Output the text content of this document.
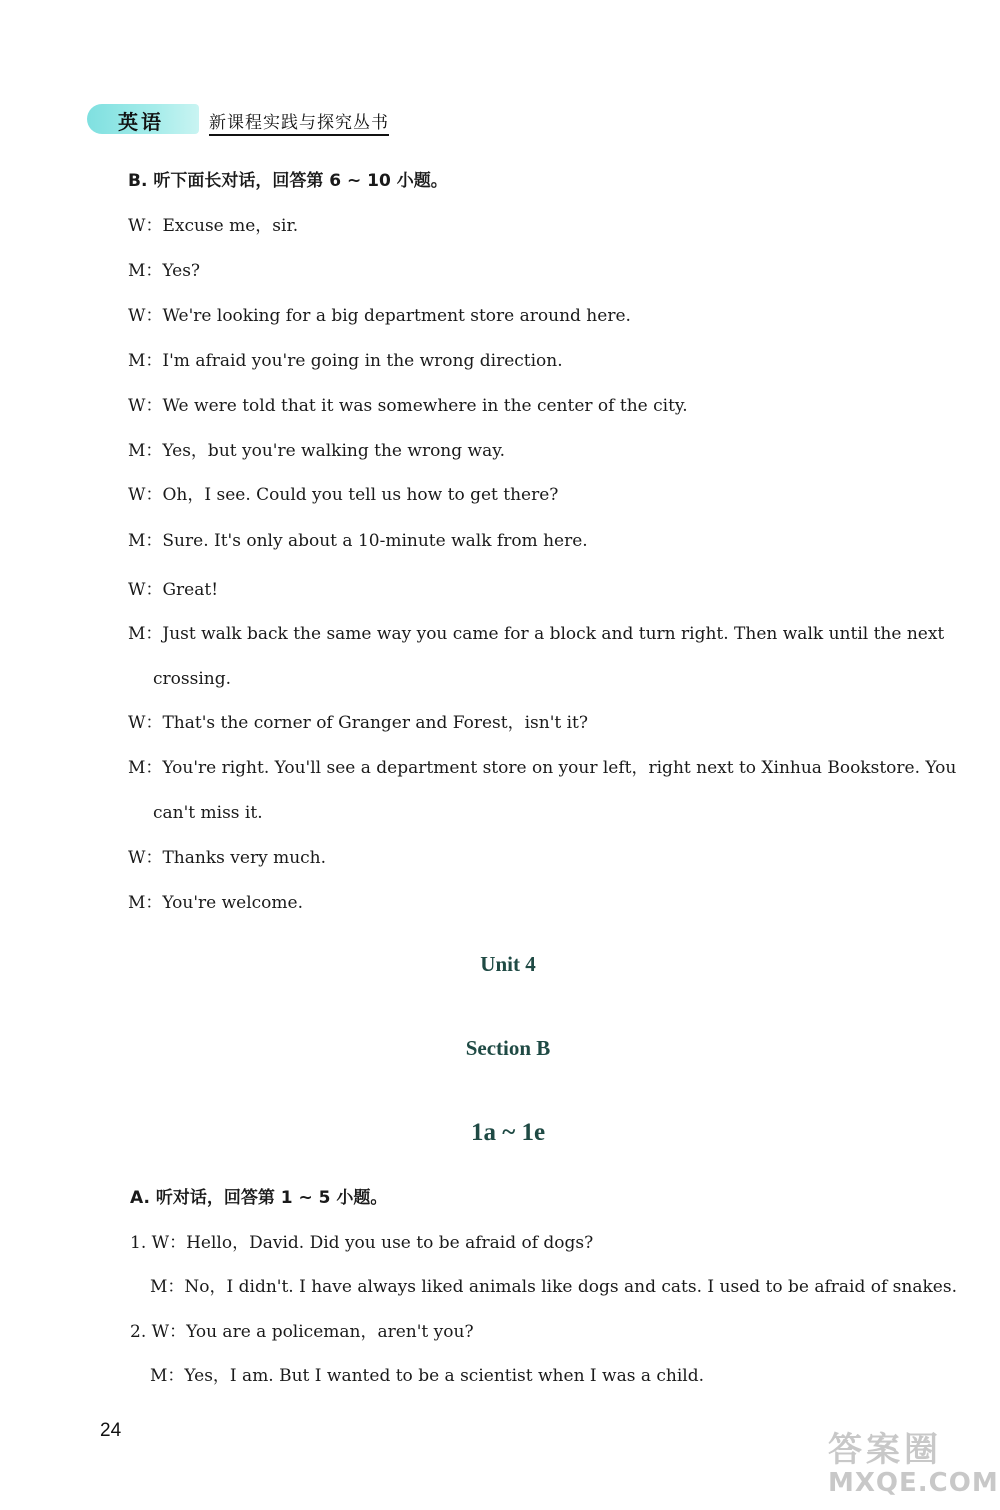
英语	新课程实践与探究丛书
B. 听下面长对话，回答第 6 ~ 10 小题。
W：Excuse me，sir.
M：Yes?
W：We're looking for a big department store around here.
M：I'm afraid you're going in the wrong direction.
W：We were told that it was somewhere in the center of the city.
M：Yes，but you're walking the wrong way.
W：Oh，I see. Could you tell us how to get there?
M：Sure. It's only about a 10-minute walk from here.
W：Great!
M：Just walk back the same way you came for a block and turn right. Then walk until the next
crossing.
W：That's the corner of Granger and Forest，isn't it?
M：You're right. You'll see a department store on your left，right next to Xinhua Bookstore. You
can't miss it.
W：Thanks very much.
M：You're welcome.
Unit 4
Section B
1a ~ 1e
A. 听对话，回答第 1 ~ 5 小题。
1. W：Hello，David. Did you use to be afraid of dogs?
M：No，I didn't. I have always liked animals like dogs and cats. I used to be afraid of snakes.
2. W：You are a policeman，aren't you?
M：Yes，I am. But I wanted to be a scientist when I was a child.
24	答案圈
MXQE.COM
